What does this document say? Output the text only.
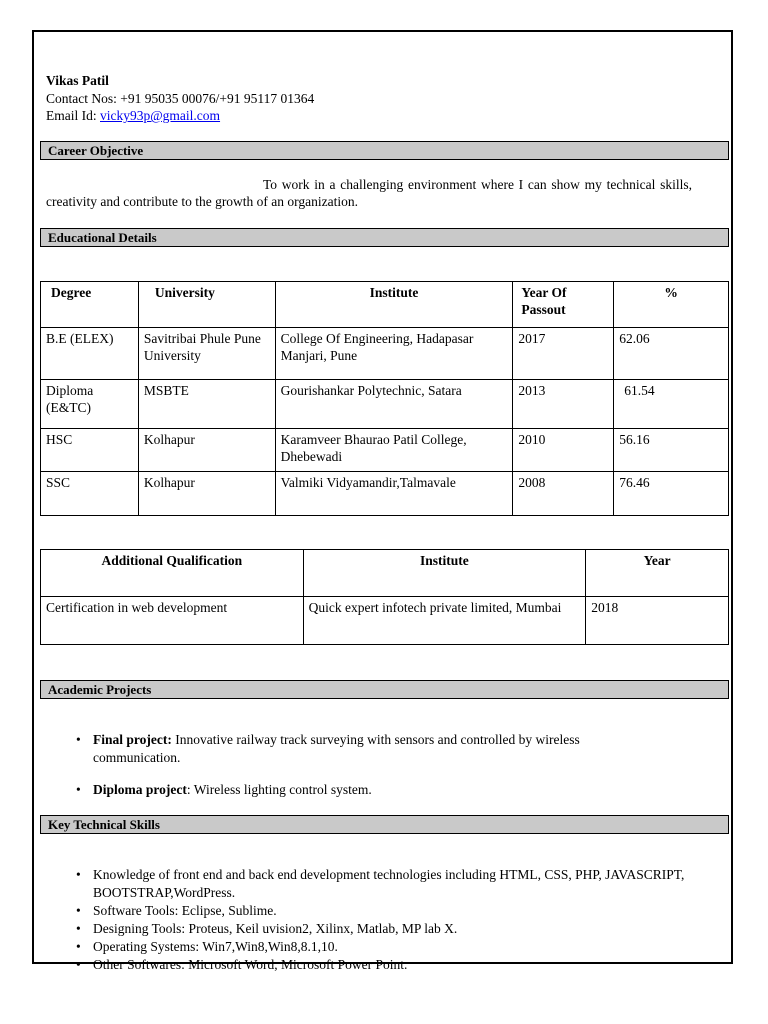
Vikas Patil
Contact Nos: +91 95035 00076/+91 95117 01364
Email Id: vicky93p@gmail.com
Career Objective
To work in a challenging environment where I can show my technical skills, creativity and contribute to the growth of an organization.
Educational Details
Degree	University	Institute	Year Of Passout	%
B.E (ELEX)	Savitribai Phule Pune University	College Of Engineering, Hadapasar Manjari, Pune	2017	62.06
Diploma (E&TC)	MSBTE	Gourishankar Polytechnic, Satara	2013	61.54
HSC	Kolhapur	Karamveer Bhaurao Patil College, Dhebewadi	2010	56.16
SSC	Kolhapur	Valmiki Vidyamandir,Talmavale	2008	76.46
Additional Qualification	Institute	Year
Certification in web development	Quick expert infotech private limited, Mumbai	2018
Academic Projects
• Final project: Innovative railway track surveying with sensors and controlled by wireless communication.
• Diploma project: Wireless lighting control system.
Key Technical Skills
• Knowledge of front end and back end development technologies including HTML, CSS, PHP, JAVASCRIPT, BOOTSTRAP,WordPress.
• Software Tools: Eclipse, Sublime.
• Designing Tools: Proteus, Keil uvision2, Xilinx, Matlab, MP lab X.
• Operating Systems: Win7,Win8,Win8,8.1,10.
• Other Softwares: Microsoft Word, Microsoft Power Point.
